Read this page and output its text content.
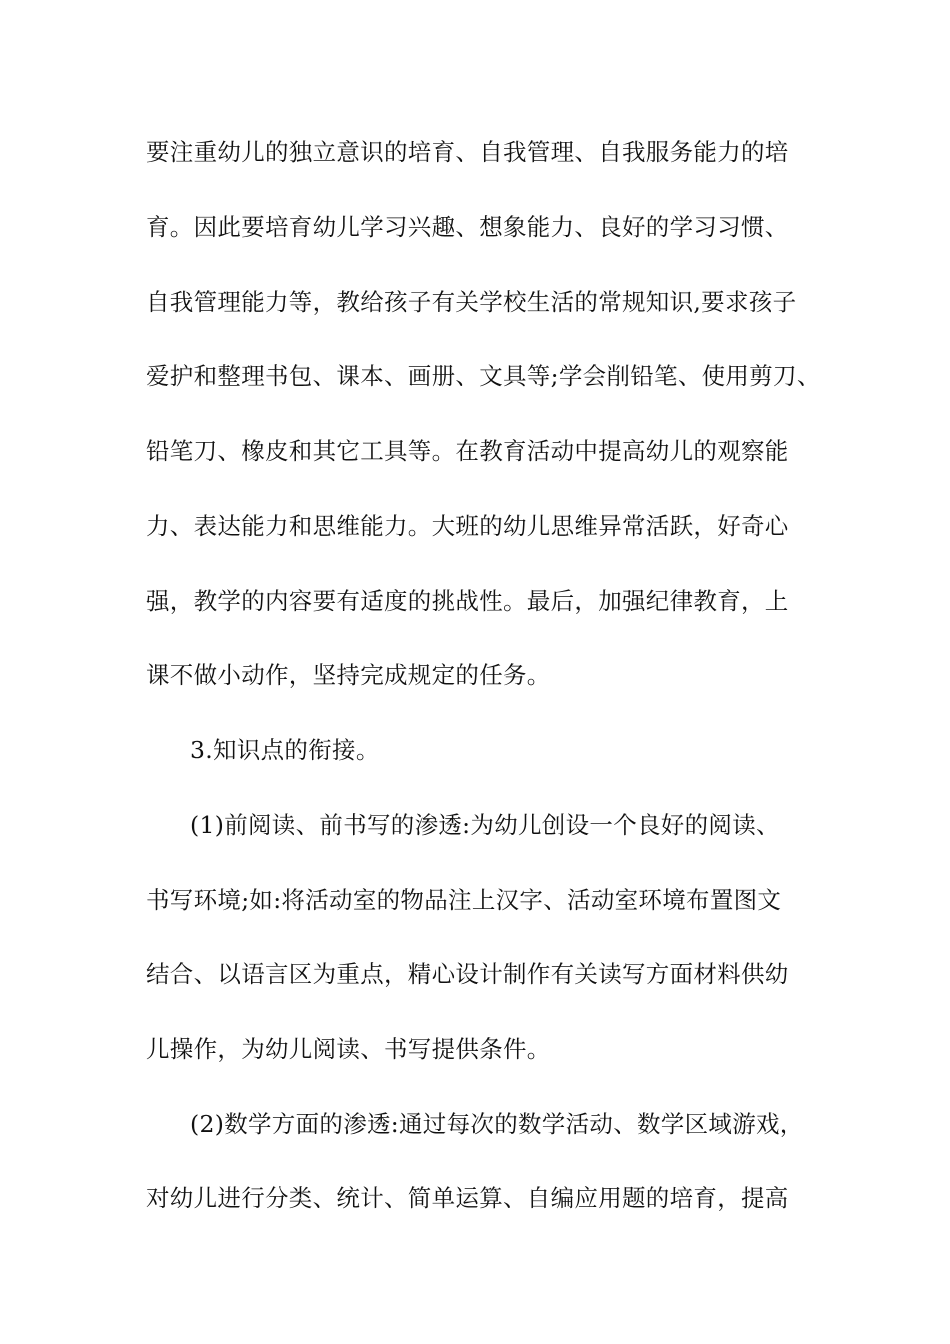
要注重幼儿的独立意识的培育、自我管理、自我服务能力的培
育。因此要培育幼儿学习兴趣、想象能力、良好的学习习惯、
自我管理能力等，教给孩子有关学校生活的常规知识,要求孩子
爱护和整理书包、课本、画册、文具等;学会削铅笔、使用剪刀、
铅笔刀、橡皮和其它工具等。在教育活动中提高幼儿的观察能
力、表达能力和思维能力。大班的幼儿思维异常活跃，好奇心
强，教学的内容要有适度的挑战性。最后，加强纪律教育，上
课不做小动作，坚持完成规定的任务。
3.知识点的衔接。
(1)前阅读、前书写的渗透:为幼儿创设一个良好的阅读、
书写环境;如:将活动室的物品注上汉字、活动室环境布置图文
结合、以语言区为重点，精心设计制作有关读写方面材料供幼
儿操作，为幼儿阅读、书写提供条件。
(2)数学方面的渗透:通过每次的数学活动、数学区域游戏，
对幼儿进行分类、统计、简单运算、自编应用题的培育，提高
